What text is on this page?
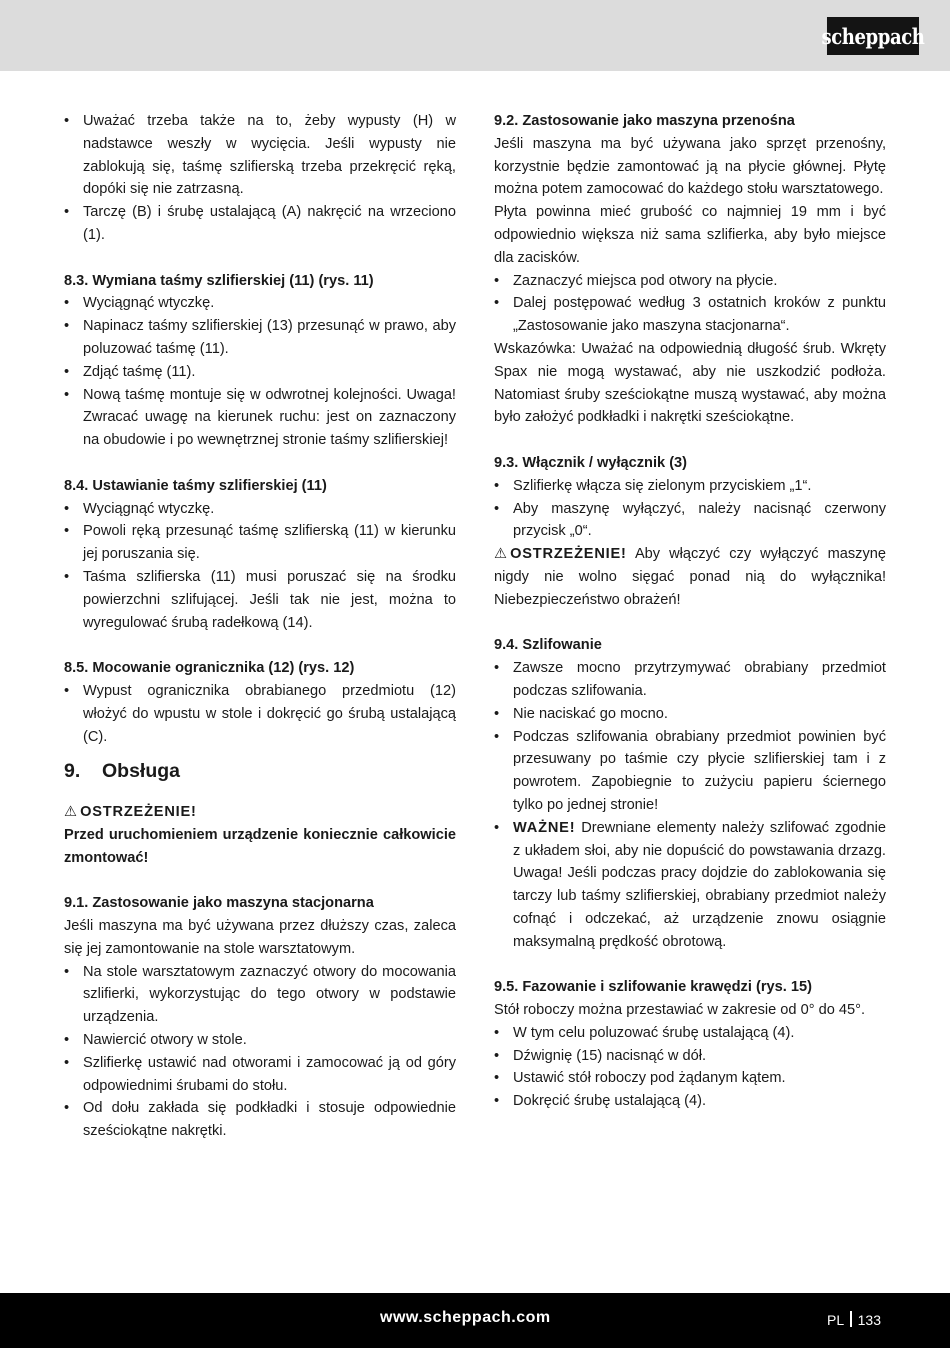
scheppach
• Uważać trzeba także na to, żeby wypusty (H) w nadstawce weszły w wycięcia. Jeśli wypusty nie zablokują się, taśmę szlifierską trzeba przekręcić ręką, dopóki się nie zatrzasną.
• Tarczę (B) i śrubę ustalającą (A) nakręcić na wrzeciono (1).

8.3. Wymiana taśmy szlifierskiej (11) (rys. 11)

• Wyciągnąć wtyczkę.
• Napinacz taśmy szlifierskiej (13) przesunąć w prawo, aby poluzować taśmę (11).
• Zdjąć taśmę (11).
• Nową taśmę montuje się w odwrotnej kolejności. Uwaga! Zwracać uwagę na kierunek ruchu: jest on zaznaczony na obudowie i po wewnętrznej stronie taśmy szlifierskiej!

8.4. Ustawianie taśmy szlifierskiej (11)

• Wyciągnąć wtyczkę.
• Powoli ręką przesunąć taśmę szlifierską (11) w kierunku jej poruszania się.
• Taśma szlifierska (11) musi poruszać się na środku powierzchni szlifującej. Jeśli tak nie jest, można to wyregulować śrubą radełkową (14).

8.5. Mocowanie ogranicznika (12) (rys. 12)

• Wypust ogranicznika obrabianego przedmiotu (12) włożyć do wpustu w stole i dokręcić go śrubą ustalającą (C).
9. Obsługa

⚠ OSTRZEŻENIE!

Przed uruchomieniem urządzenie koniecznie całkowicie zmontować!

9.1. Zastosowanie jako maszyna stacjonarna

Jeśli maszyna ma być używana przez dłuższy czas, zaleca się jej zamontowanie na stole warsztatowym.

• Na stole warsztatowym zaznaczyć otwory do mocowania szlifierki, wykorzystując do tego otwory w podstawie urządzenia.
• Nawiercić otwory w stole.
• Szlifierkę ustawić nad otworami i zamocować ją od góry odpowiednimi śrubami do stołu.
• Od dołu zakłada się podkładki i stosuje odpowiednie sześciokątne nakrętki.

9.2. Zastosowanie jako maszyna przenośna

Jeśli maszyna ma być używana jako sprzęt przenośny, korzystnie będzie zamontować ją na płycie głównej. Płytę można potem zamocować do każdego stołu warsztatowego.

Płyta powinna mieć grubość co najmniej 19 mm i być odpowiednio większa niż sama szlifierka, aby było miejsce dla zacisków.

• Zaznaczyć miejsca pod otwory na płycie.
• Dalej postępować według 3 ostatnich kroków z punktu „Zastosowanie jako maszyna stacjonarna“.

Wskazówka: Uważać na odpowiednią długość śrub. Wkręty Spax nie mogą wystawać, aby nie uszkodzić podłoża. Natomiast śruby sześciokątne muszą wystawać, aby można było założyć podkładki i nakrętki sześciokątne.

9.3. Włącznik / wyłącznik (3)

• Szlifierkę włącza się zielonym przyciskiem „1“.
• Aby maszynę wyłączyć, należy nacisnąć czerwony przycisk „0“.

⚠ OSTRZEŻENIE! Aby włączyć czy wyłączyć maszynę nigdy nie wolno sięgać ponad nią do wyłącznika! Niebezpieczeństwo obrażeń!

9.4. Szlifowanie

• Zawsze mocno przytrzymywać obrabiany przedmiot podczas szlifowania.
• Nie naciskać go mocno.
• Podczas szlifowania obrabiany przedmiot powinien być przesuwany po taśmie czy płycie szlifierskiej tam i z powrotem. Zapobiegnie to zużyciu papieru ściernego tylko po jednej stronie!
• WAŻNE! Drewniane elementy należy szlifować zgodnie z układem słoi, aby nie dopuścić do powstawania drzazg. Uwaga! Jeśli podczas pracy dojdzie do zablokowania się tarczy lub taśmy szlifierskiej, obrabiany przedmiot należy cofnąć i odczekać, aż urządzenie znowu osiągnie maksymalną prędkość obrotową.

9.5. Fazowanie i szlifowanie krawędzi (rys. 15)

Stół roboczy można przestawiać w zakresie od 0° do 45°.

• W tym celu poluzować śrubę ustalającą (4).
• Dźwignię (15) nacisnąć w dół.
• Ustawić stół roboczy pod żądanym kątem.
• Dokręcić śrubę ustalającą (4).
www.scheppach.com	PL 133
